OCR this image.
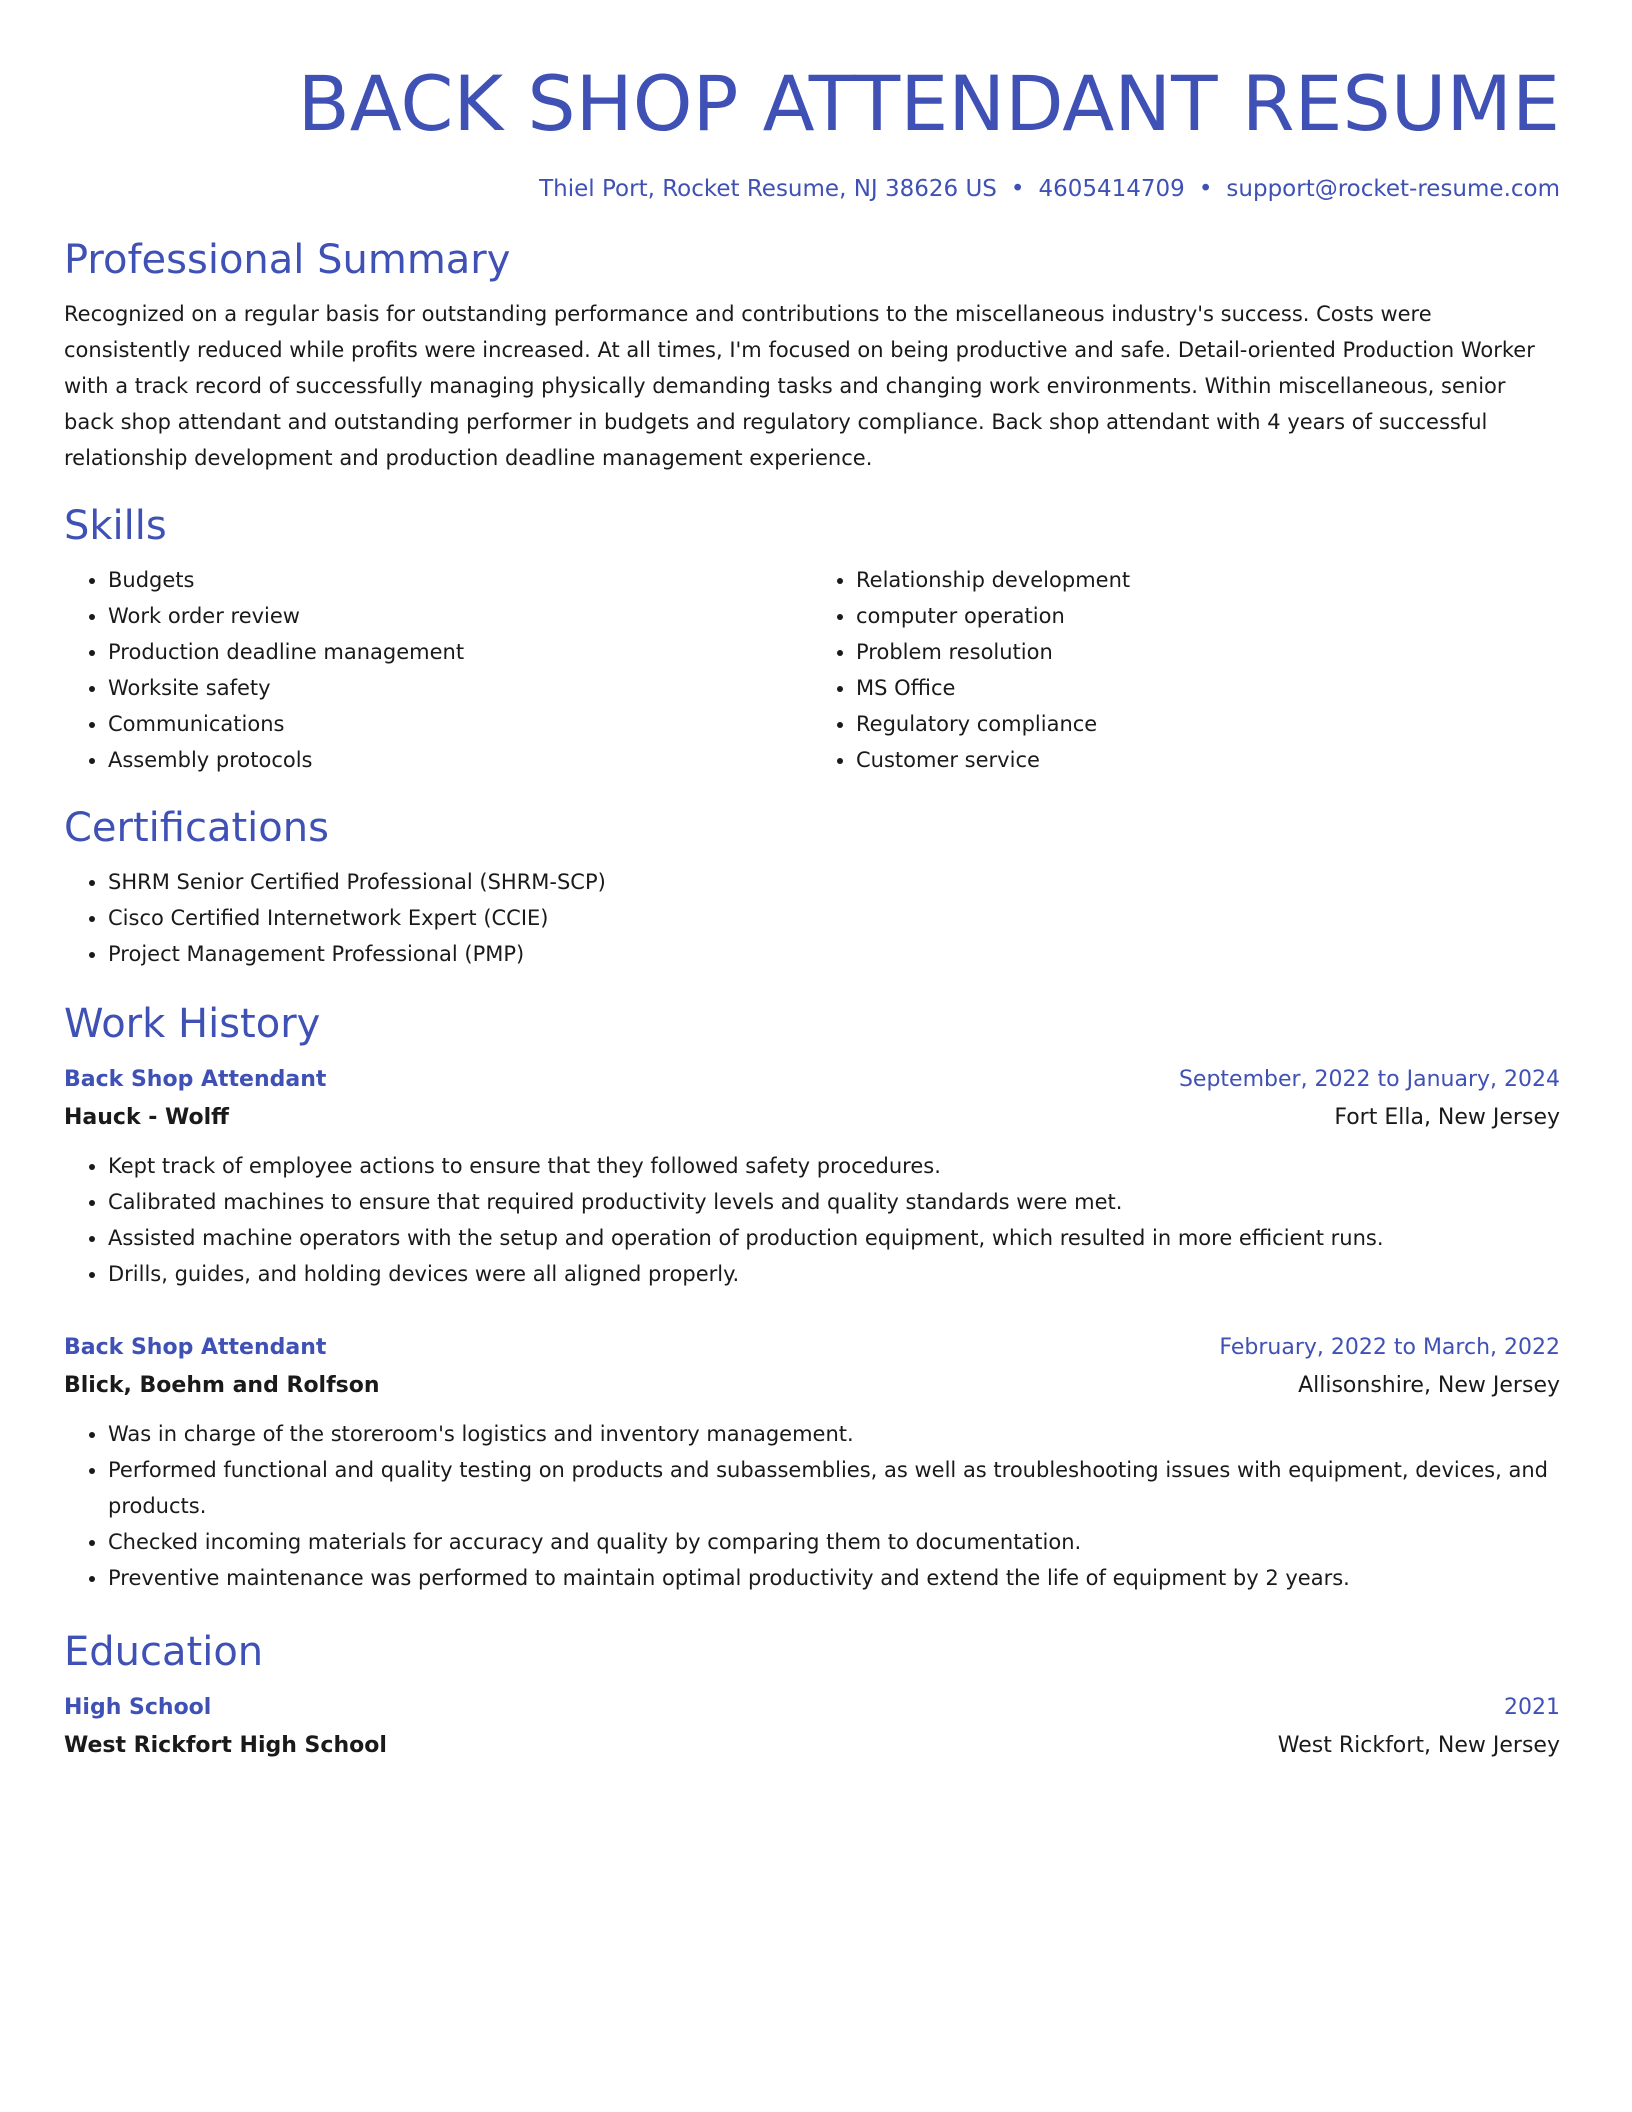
BACK SHOP ATTENDANT RESUME
Thiel Port, Rocket Resume, NJ 38626 US • 4605414709 • support@rocket-resume.com
Professional Summary

Recognized on a regular basis for outstanding performance and contributions to the miscellaneous industry's success. Costs were consistently reduced while profits were increased. At all times, I'm focused on being productive and safe. Detail-oriented Production Worker with a track record of successfully managing physically demanding tasks and changing work environments. Within miscellaneous, senior back shop attendant and outstanding performer in budgets and regulatory compliance. Back shop attendant with 4 years of successful relationship development and production deadline management experience.

Skills
• Budgets
• Work order review
• Production deadline management
• Worksite safety
• Communications
• Assembly protocols
• Relationship development
• computer operation
• Problem resolution
• MS Office
• Regulatory compliance
• Customer service
Certifications
• SHRM Senior Certified Professional (SHRM-SCP)
• Cisco Certified Internetwork Expert (CCIE)
• Project Management Professional (PMP)
Work History
Back Shop Attendant	September, 2022 to January, 2024
Hauck - Wolff	Fort Ella, New Jersey
• Kept track of employee actions to ensure that they followed safety procedures.
• Calibrated machines to ensure that required productivity levels and quality standards were met.
• Assisted machine operators with the setup and operation of production equipment, which resulted in more efficient runs.
• Drills, guides, and holding devices were all aligned properly.
Back Shop Attendant	February, 2022 to March, 2022
Blick, Boehm and Rolfson	Allisonshire, New Jersey
• Was in charge of the storeroom's logistics and inventory management.
• Performed functional and quality testing on products and subassemblies, as well as troubleshooting issues with equipment, devices, and products.
• Checked incoming materials for accuracy and quality by comparing them to documentation.
• Preventive maintenance was performed to maintain optimal productivity and extend the life of equipment by 2 years.
Education
High School	2021
West Rickfort High School	West Rickfort, New Jersey
